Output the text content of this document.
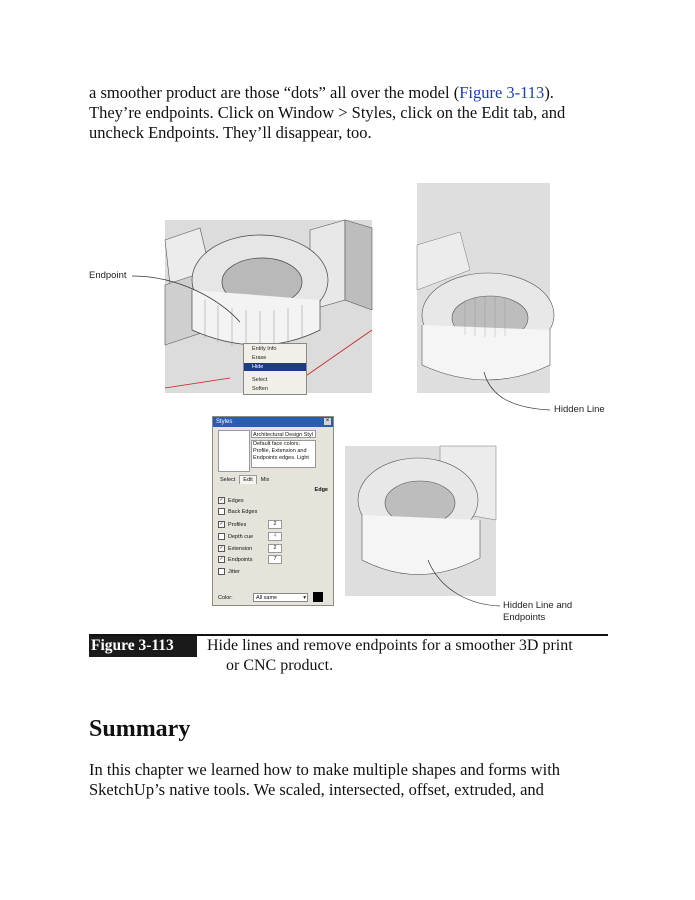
a smoother product are those “dots” all over the model (Figure 3-113).
They’re endpoints. Click on Window > Styles, click on the Edit tab, and
uncheck Endpoints. They’ll disappear, too.

Endpoint
Hidden Line
Hidden Line and
Endpoints
Entity Info
Erase
Hide
Select
Soften
Styles	×
Architectural Design Styl
Default face colors.
Profile, Extension and
Endpoints edges. Light
Select Edit Mix
Edge
✓ Edges
Back Edges
✓ Profiles	2
Depth cue	4
✓ Extension	2
✓ Endpoints	7
Jitter
Color:	All same	▾
Figure 3-113	Hide lines and remove endpoints for a smoother 3D print
or CNC product.
Summary

In this chapter we learned how to make multiple shapes and forms with
SketchUp’s native tools. We scaled, intersected, offset, extruded, and
